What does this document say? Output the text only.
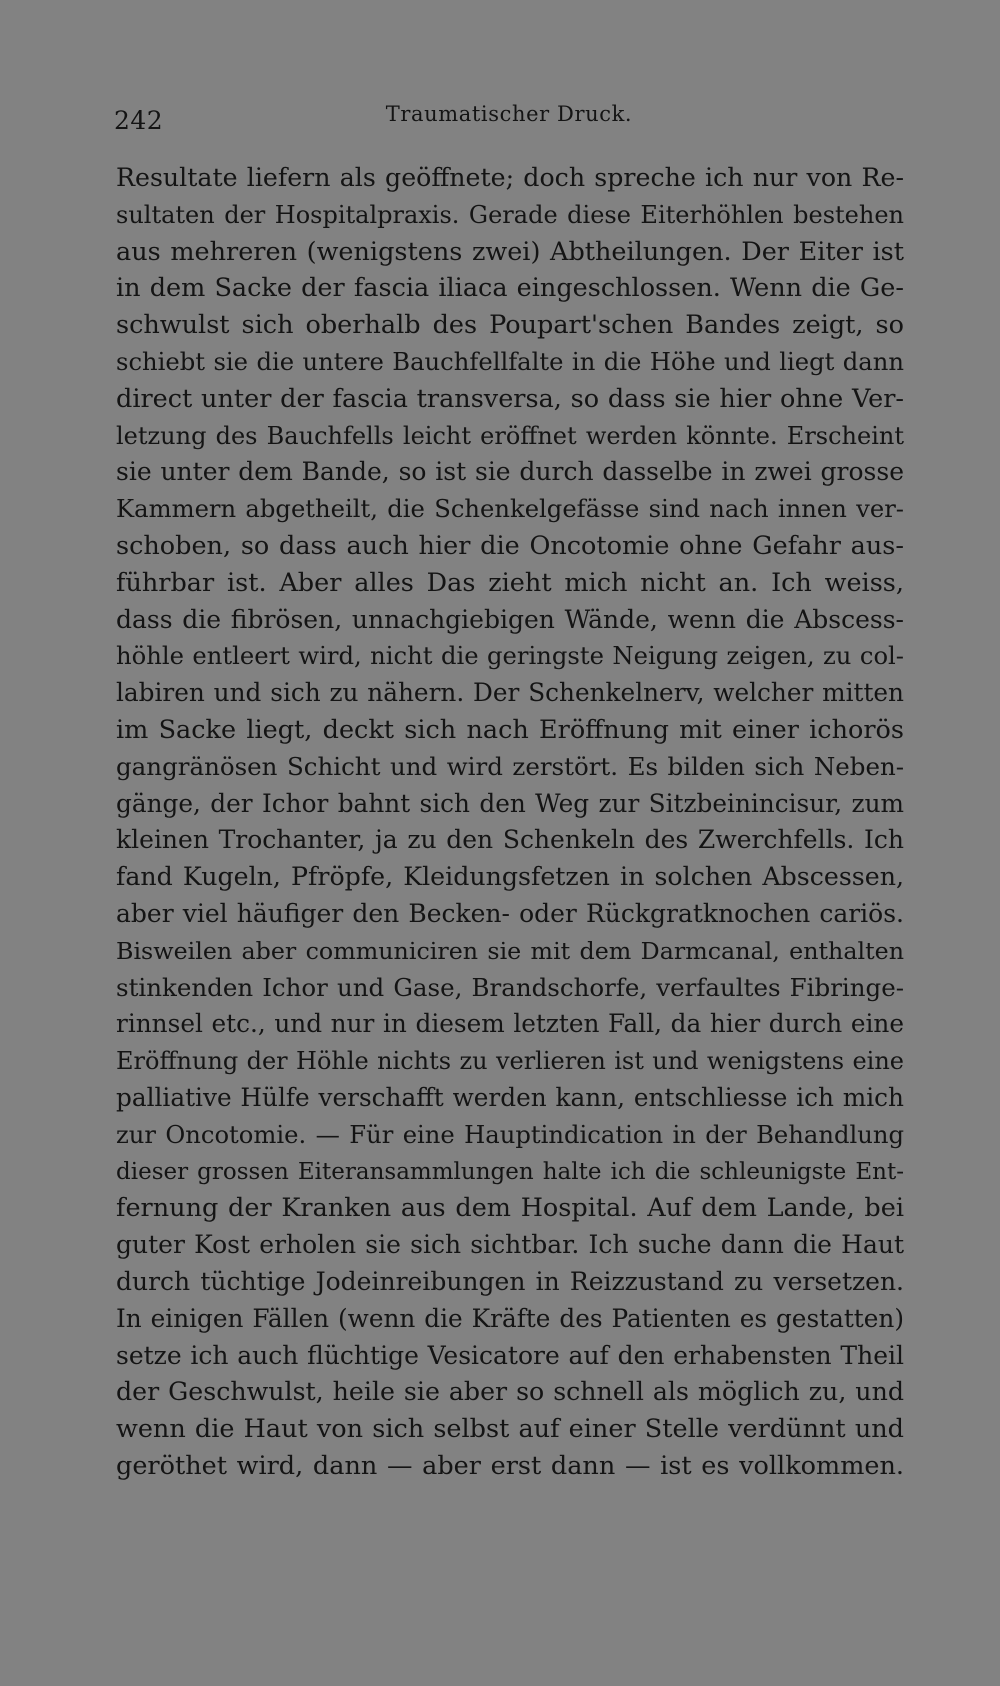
242	Traumatischer Druck.
Resultate liefern als geöffnete; doch spreche ich nur von Re-
sultaten der Hospitalpraxis. Gerade diese Eiterhöhlen bestehen
aus mehreren (wenigstens zwei) Abtheilungen. Der Eiter ist
in dem Sacke der fascia iliaca eingeschlossen. Wenn die Ge-
schwulst sich oberhalb des Poupart'schen Bandes zeigt, so
schiebt sie die untere Bauchfellfalte in die Höhe und liegt dann
direct unter der fascia transversa, so dass sie hier ohne Ver-
letzung des Bauchfells leicht eröffnet werden könnte. Erscheint
sie unter dem Bande, so ist sie durch dasselbe in zwei grosse
Kammern abgetheilt, die Schenkelgefässe sind nach innen ver-
schoben, so dass auch hier die Oncotomie ohne Gefahr aus-
führbar ist. Aber alles Das zieht mich nicht an. Ich weiss,
dass die fibrösen, unnachgiebigen Wände, wenn die Abscess-
höhle entleert wird, nicht die geringste Neigung zeigen, zu col-
labiren und sich zu nähern. Der Schenkelnerv, welcher mitten
im Sacke liegt, deckt sich nach Eröffnung mit einer ichorös
gangränösen Schicht und wird zerstört. Es bilden sich Neben-
gänge, der Ichor bahnt sich den Weg zur Sitzbeinincisur, zum
kleinen Trochanter, ja zu den Schenkeln des Zwerchfells. Ich
fand Kugeln, Pfröpfe, Kleidungsfetzen in solchen Abscessen,
aber viel häufiger den Becken- oder Rückgratknochen cariös.
Bisweilen aber communiciren sie mit dem Darmcanal, enthalten
stinkenden Ichor und Gase, Brandschorfe, verfaultes Fibringe-
rinnsel etc., und nur in diesem letzten Fall, da hier durch eine
Eröffnung der Höhle nichts zu verlieren ist und wenigstens eine
palliative Hülfe verschafft werden kann, entschliesse ich mich
zur Oncotomie. — Für eine Hauptindication in der Behandlung
dieser grossen Eiteransammlungen halte ich die schleunigste Ent-
fernung der Kranken aus dem Hospital. Auf dem Lande, bei
guter Kost erholen sie sich sichtbar. Ich suche dann die Haut
durch tüchtige Jodeinreibungen in Reizzustand zu versetzen.
In einigen Fällen (wenn die Kräfte des Patienten es gestatten)
setze ich auch flüchtige Vesicatore auf den erhabensten Theil
der Geschwulst, heile sie aber so schnell als möglich zu, und
wenn die Haut von sich selbst auf einer Stelle verdünnt und
geröthet wird, dann — aber erst dann — ist es vollkommen.
